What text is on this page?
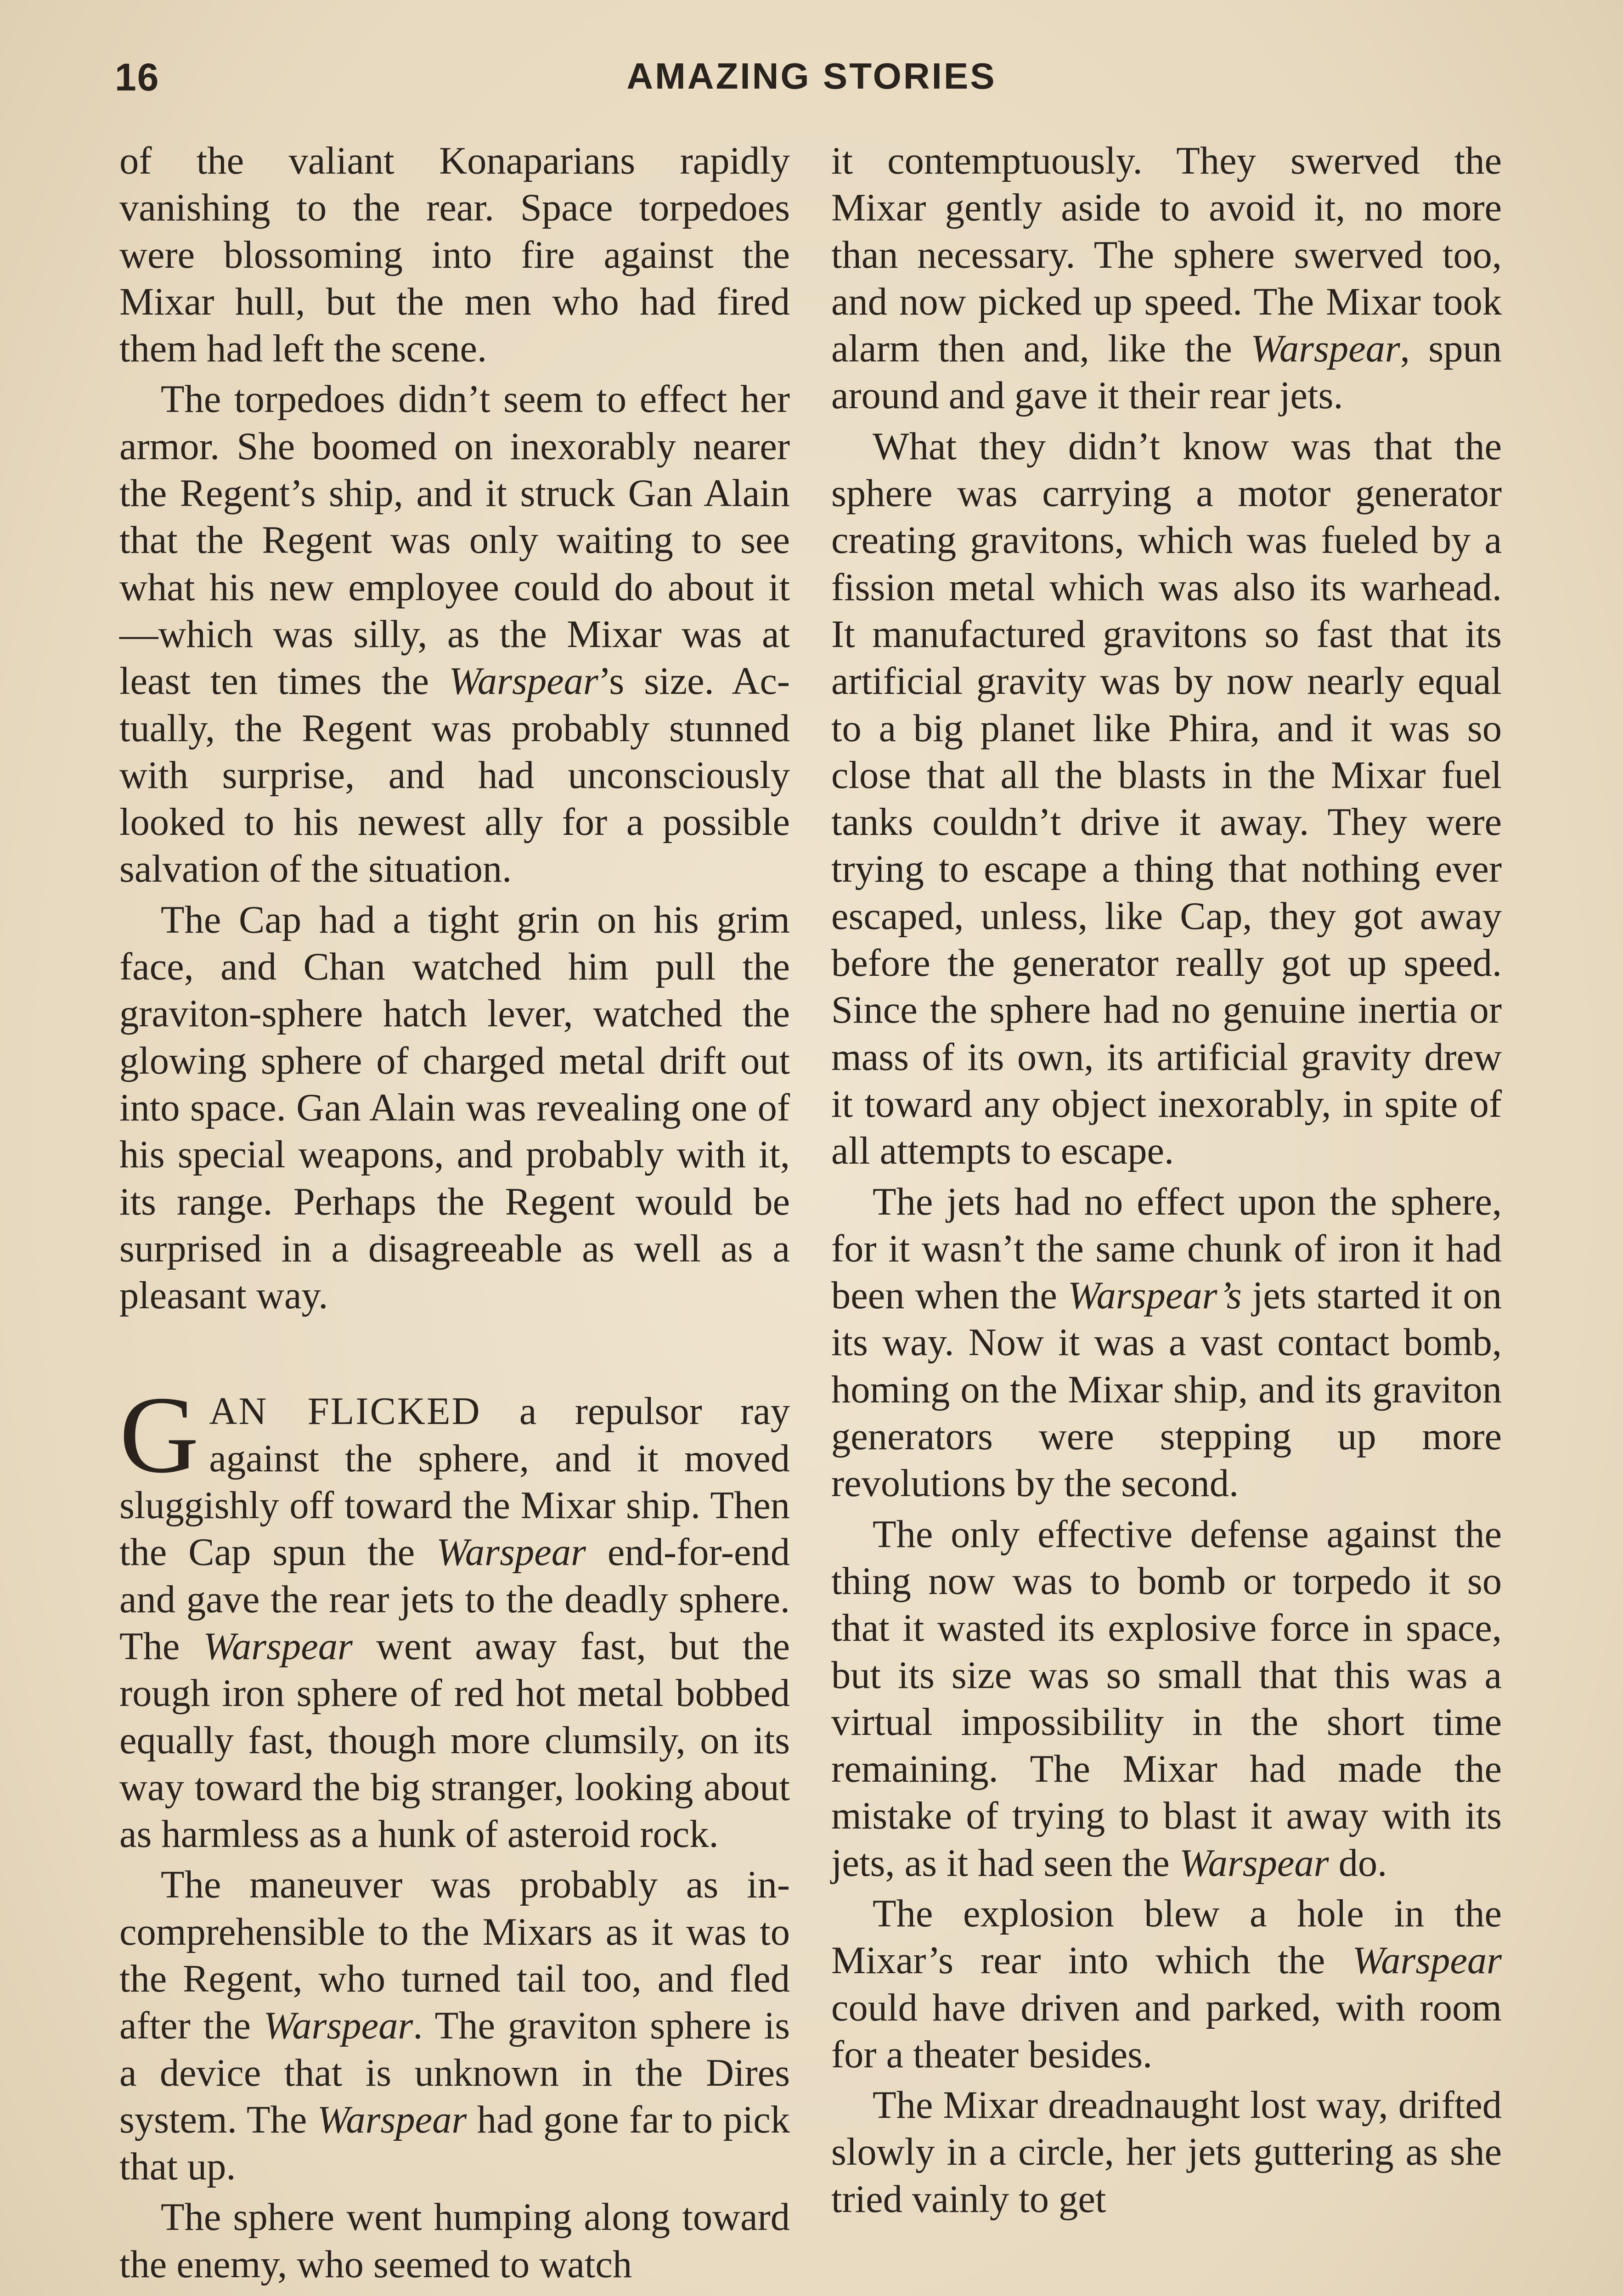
16	AMAZING STORIES

of the valiant Konaparians rapidly vanishing to the rear. Space torpedoes were blossoming into fire against the Mixar hull, but the men who had fired them had left the scene.

The torpedoes didn’t seem to effect her armor. She boomed on inexorably nearer the Regent’s ship, and it struck Gan Alain that the Regent was only waiting to see what his new employee could do about it—which was silly, as the Mixar was at least ten times the Warspear’s size. Actually, the Regent was probably stunned with surprise, and had unconsciously looked to his newest ally for a possible salvation of the situation.

The Cap had a tight grin on his grim face, and Chan watched him pull the graviton-sphere hatch lever, watched the glowing sphere of charged metal drift out into space. Gan Alain was revealing one of his special weapons, and probably with it, its range. Perhaps the Regent would be surprised in a disagreeable as well as a pleasant way.

GAN FLICKED a repulsor ray against the sphere, and it moved sluggishly off toward the Mixar ship. Then the Cap spun the Warspear end-for-end and gave the rear jets to the deadly sphere. The Warspear went away fast, but the rough iron sphere of red hot metal bobbed equally fast, though more clumsily, on its way toward the big stranger, looking about as harmless as a hunk of asteroid rock.

The maneuver was probably as incomprehensible to the Mixars as it was to the Regent, who turned tail too, and fled after the Warspear. The graviton sphere is a device that is unknown in the Dires system. The Warspear had gone far to pick that up.

The sphere went humping along toward the enemy, who seemed to watch

it contemptuously. They swerved the Mixar gently aside to avoid it, no more than necessary. The sphere swerved too, and now picked up speed. The Mixar took alarm then and, like the Warspear, spun around and gave it their rear jets.

What they didn’t know was that the sphere was carrying a motor generator creating gravitons, which was fueled by a fission metal which was also its warhead. It manufactured gravitons so fast that its artificial gravity was by now nearly equal to a big planet like Phira, and it was so close that all the blasts in the Mixar fuel tanks couldn’t drive it away. They were trying to escape a thing that nothing ever escaped, unless, like Cap, they got away before the generator really got up speed. Since the sphere had no genuine inertia or mass of its own, its artificial gravity drew it toward any object inexorably, in spite of all attempts to escape.

The jets had no effect upon the sphere, for it wasn’t the same chunk of iron it had been when the Warspear’s jets started it on its way. Now it was a vast contact bomb, homing on the Mixar ship, and its graviton generators were stepping up more revolutions by the second.

The only effective defense against the thing now was to bomb or torpedo it so that it wasted its explosive force in space, but its size was so small that this was a virtual impossibility in the short time remaining. The Mixar had made the mistake of trying to blast it away with its jets, as it had seen the Warspear do.

The explosion blew a hole in the Mixar’s rear into which the Warspear could have driven and parked, with room for a theater besides.

The Mixar dreadnaught lost way, drifted slowly in a circle, her jets guttering as she tried vainly to get
